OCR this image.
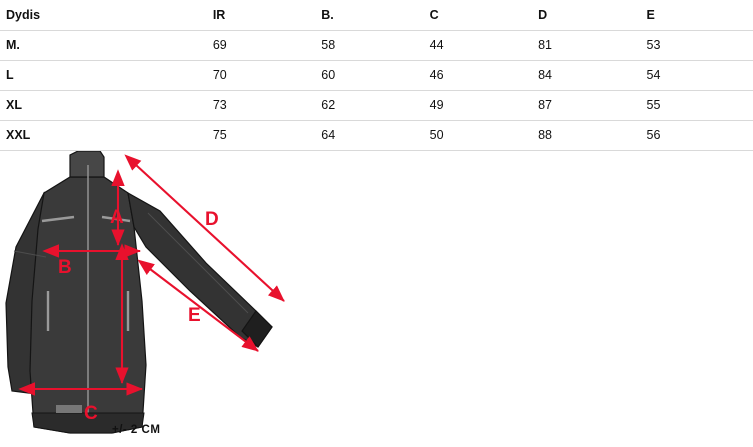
Dydis	IR	B.	C	D	E
M.	69	58	44	81	53
L	70	60	46	84	54
XL	73	62	49	87	55
XXL	75	64	50	88	56
A
B
C
D
E
+/- 2 CM
